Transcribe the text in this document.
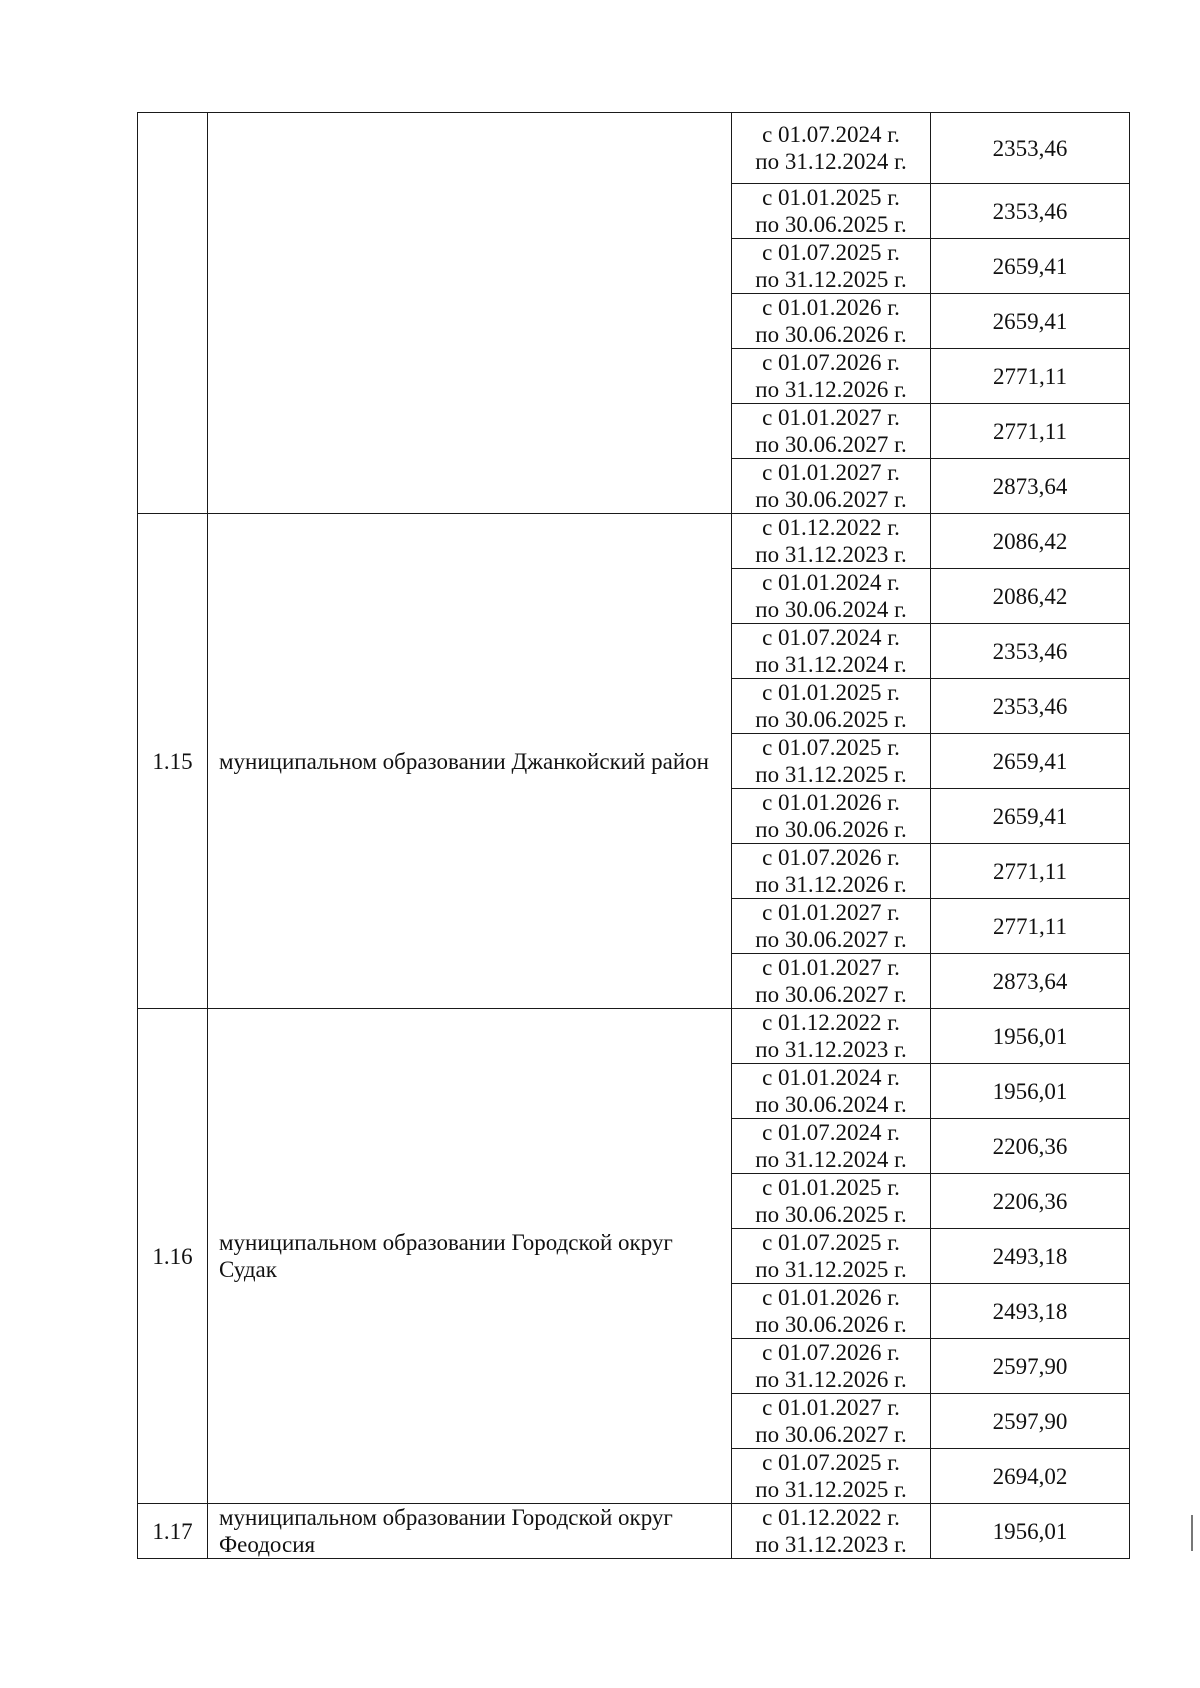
		с 01.07.2024 г.
по 31.12.2024 г.	2353,46

		с 01.01.2025 г.
по 30.06.2025 г.	2353,46

		с 01.07.2025 г.
по 31.12.2025 г.	2659,41

		с 01.01.2026 г.
по 30.06.2026 г.	2659,41

		с 01.07.2026 г.
по 31.12.2026 г.	2771,11

		с 01.01.2027 г.
по 30.06.2027 г.	2771,11

		с 01.01.2027 г.
по 30.06.2027 г.	2873,64
1.15	муниципальном образовании Джанкойский район	с 01.12.2022 г.
по 31.12.2023 г.	2086,42

		с 01.01.2024 г.
по 30.06.2024 г.	2086,42

		с 01.07.2024 г.
по 31.12.2024 г.	2353,46

		с 01.01.2025 г.
по 30.06.2025 г.	2353,46

		с 01.07.2025 г.
по 31.12.2025 г.	2659,41

		с 01.01.2026 г.
по 30.06.2026 г.	2659,41

		с 01.07.2026 г.
по 31.12.2026 г.	2771,11

		с 01.01.2027 г.
по 30.06.2027 г.	2771,11

		с 01.01.2027 г.
по 30.06.2027 г.	2873,64
1.16	муниципальном образовании Городской округ Судак	с 01.12.2022 г.
по 31.12.2023 г.	1956,01

		с 01.01.2024 г.
по 30.06.2024 г.	1956,01

		с 01.07.2024 г.
по 31.12.2024 г.	2206,36

		с 01.01.2025 г.
по 30.06.2025 г.	2206,36

		с 01.07.2025 г.
по 31.12.2025 г.	2493,18

		с 01.01.2026 г.
по 30.06.2026 г.	2493,18

		с 01.07.2026 г.
по 31.12.2026 г.	2597,90

		с 01.01.2027 г.
по 30.06.2027 г.	2597,90

		с 01.07.2025 г.
по 31.12.2025 г.	2694,02
1.17	муниципальном образовании Городской округ Феодосия	с 01.12.2022 г.
по 31.12.2023 г.	1956,01
